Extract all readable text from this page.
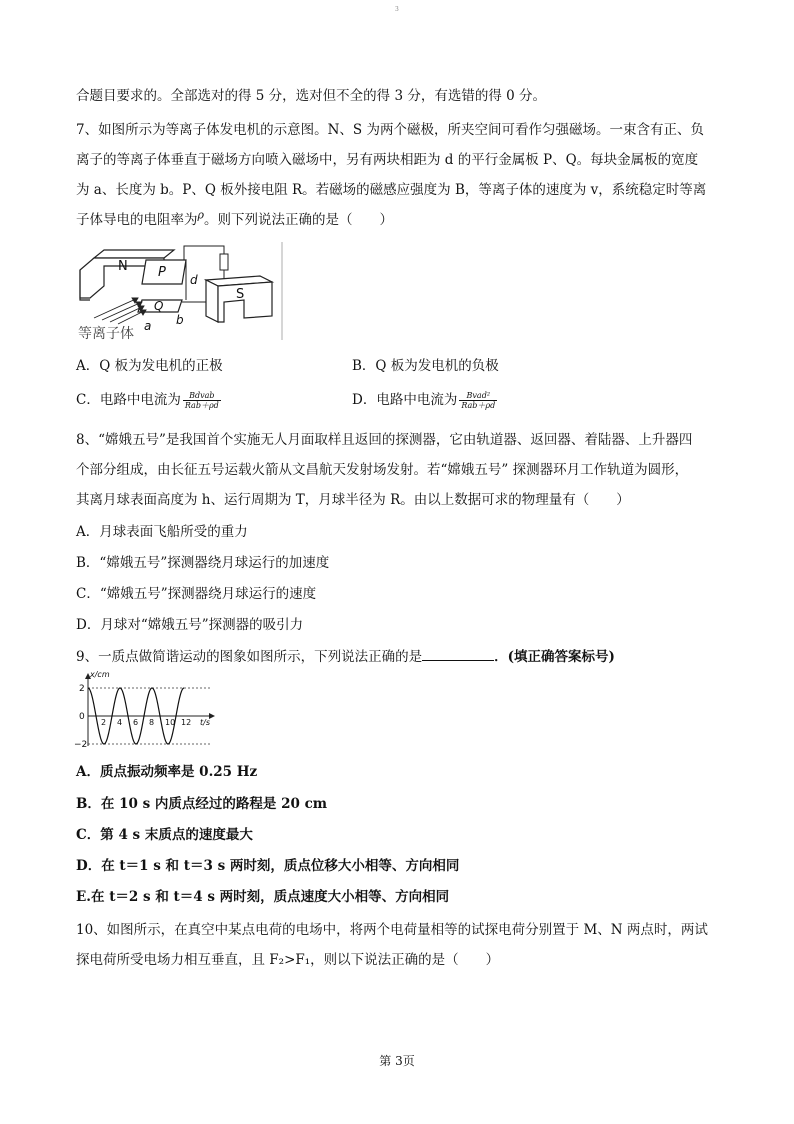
3
合题目要求的。全部选对的得 5 分，选对但不全的得 3 分，有选错的得 0 分。
7、如图所示为等离子体发电机的示意图。N、S 为两个磁极，所夹空间可看作匀强磁场。一束含有正、负
离子的等离子体垂直于磁场方向喷入磁场中，另有两块相距为 d 的平行金属板 P、Q。每块金属板的宽度
为 a、长度为 b。P、Q 板外接电阻 R。若磁场的磁感应强度为 B，等离子体的速度为 v，系统稳定时等离
子体导电的电阻率为$^\rho$。则下列说法正确的是（　　）
N P
Q
d
S
a b
等离子体
A．Q 板为发电机的正极	B．Q 板为发电机的负极
C．电路中电流为 $\frac{\text{Bdvab}}{\text{Rab＋ρd}}$	D．电路中电流为 $\frac{\text{Bvad²}}{\text{Rab＋ρd}}$
8、“嫦娥五号”是我国首个实施无人月面取样且返回的探测器，它由轨道器、返回器、着陆器、上升器四
个部分组成，由长征五号运载火箭从文昌航天发射场发射。若“嫦娥五号” 探测器环月工作轨道为圆形，
其离月球表面高度为 h、运行周期为 T，月球半径为 R。由以上数据可求的物理量有（　　）
A．月球表面飞船所受的重力
B．“嫦娥五号”探测器绕月球运行的加速度
C．“嫦娥五号”探测器绕月球运行的速度
D．月球对“嫦娥五号”探测器的吸引力
9、一质点做简谐运动的图象如图所示，下列说法正确的是	．(填正确答案标号)
x/cm
2
−2
0
2 4 6 8 10 12 t/s
A．质点振动频率是 0.25 Hz
B．在 10 s 内质点经过的路程是 20 cm
C．第 4 s 末质点的速度最大
D．在 t＝1 s 和 t＝3 s 两时刻，质点位移大小相等、方向相同
E.在 t＝2 s 和 t＝4 s 两时刻，质点速度大小相等、方向相同
10、如图所示，在真空中某点电荷的电场中，将两个电荷量相等的试探电荷分别置于 M、N 两点时，两试
探电荷所受电场力相互垂直，且 F₂>F₁，则以下说法正确的是（　　）
第 3页
